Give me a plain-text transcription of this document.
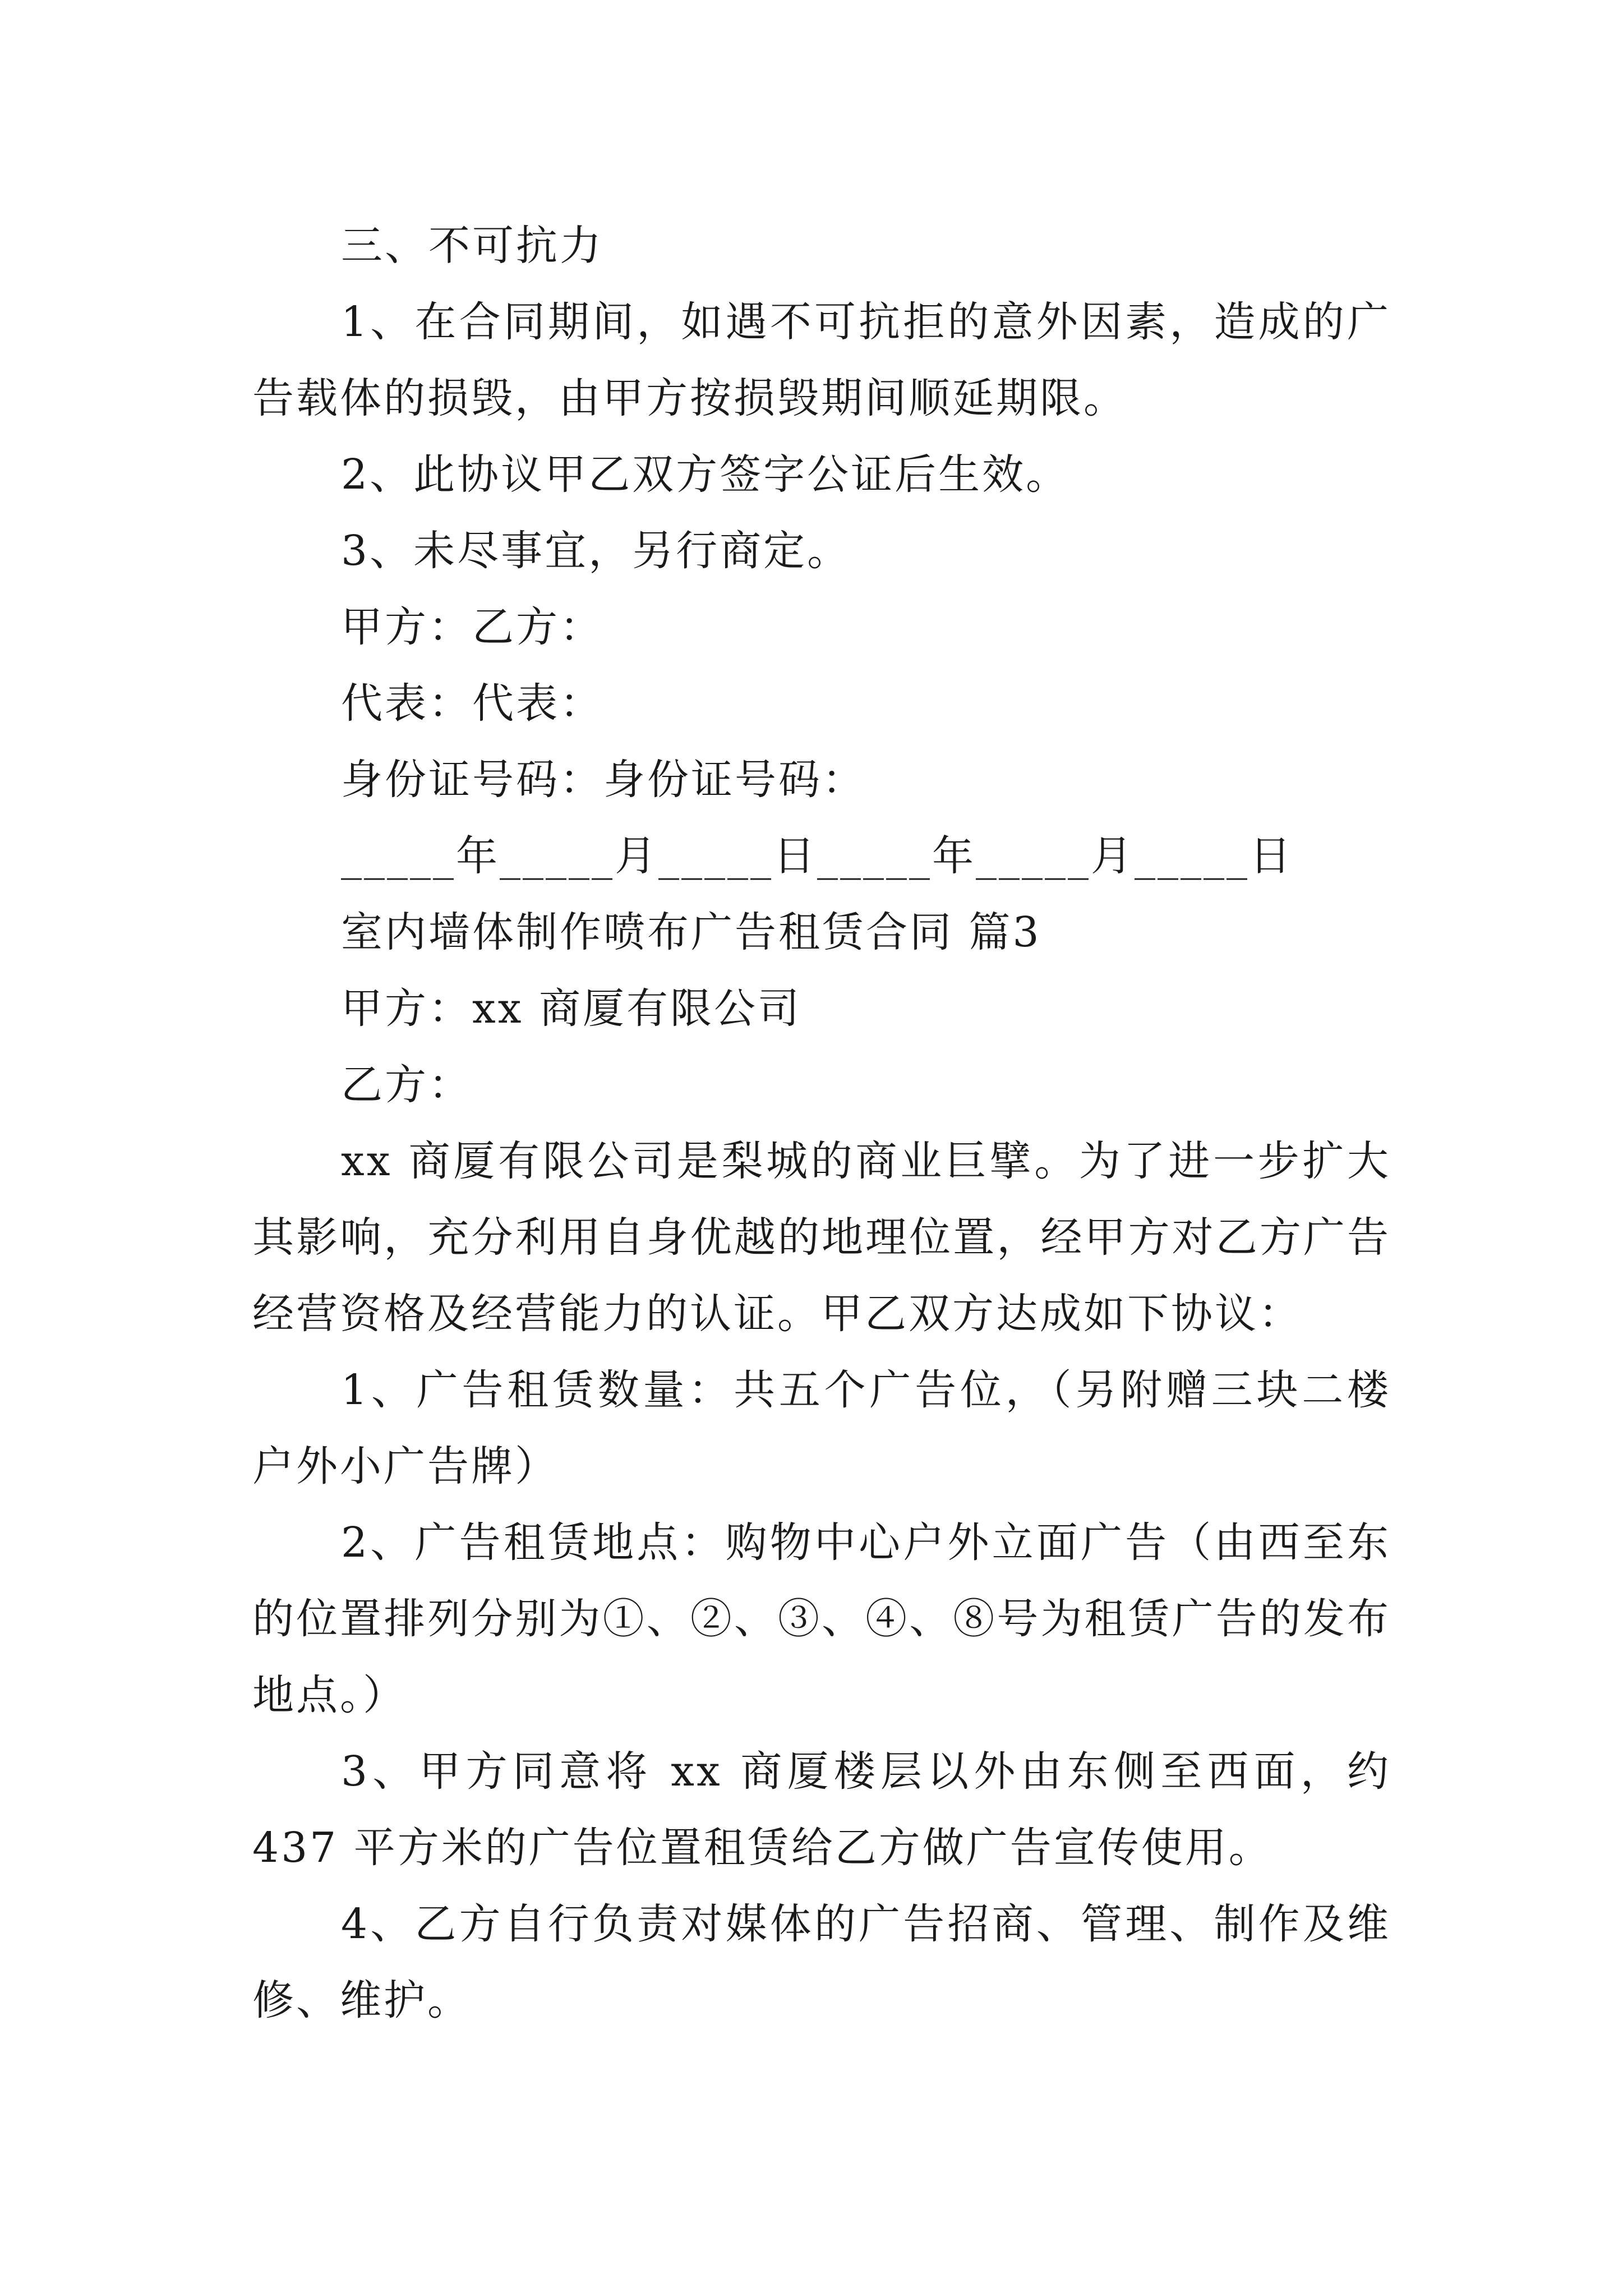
三、不可抗力

1、在合同期间，如遇不可抗拒的意外因素，造成的广告载体的损毁，由甲方按损毁期间顺延期限。

2、此协议甲乙双方签字公证后生效。

3、未尽事宜，另行商定。

甲方：乙方：

代表：代表：

身份证号码：身份证号码：

_____年_____月_____日_____年_____月_____日

室内墙体制作喷布广告租赁合同 篇3

甲方：xx 商厦有限公司

乙方：

xx 商厦有限公司是梨城的商业巨擘。为了进一步扩大其影响，充分利用自身优越的地理位置，经甲方对乙方广告经营资格及经营能力的认证。甲乙双方达成如下协议：

1、广告租赁数量：共五个广告位，（另附赠三块二楼户外小广告牌）

2、广告租赁地点：购物中心户外立面广告（由西至东的位置排列分别为①、②、③、④、⑧号为租赁广告的发布地点。）

3、甲方同意将 xx 商厦楼层以外由东侧至西面，约 437 平方米的广告位置租赁给乙方做广告宣传使用。

4、乙方自行负责对媒体的广告招商、管理、制作及维修、维护。
